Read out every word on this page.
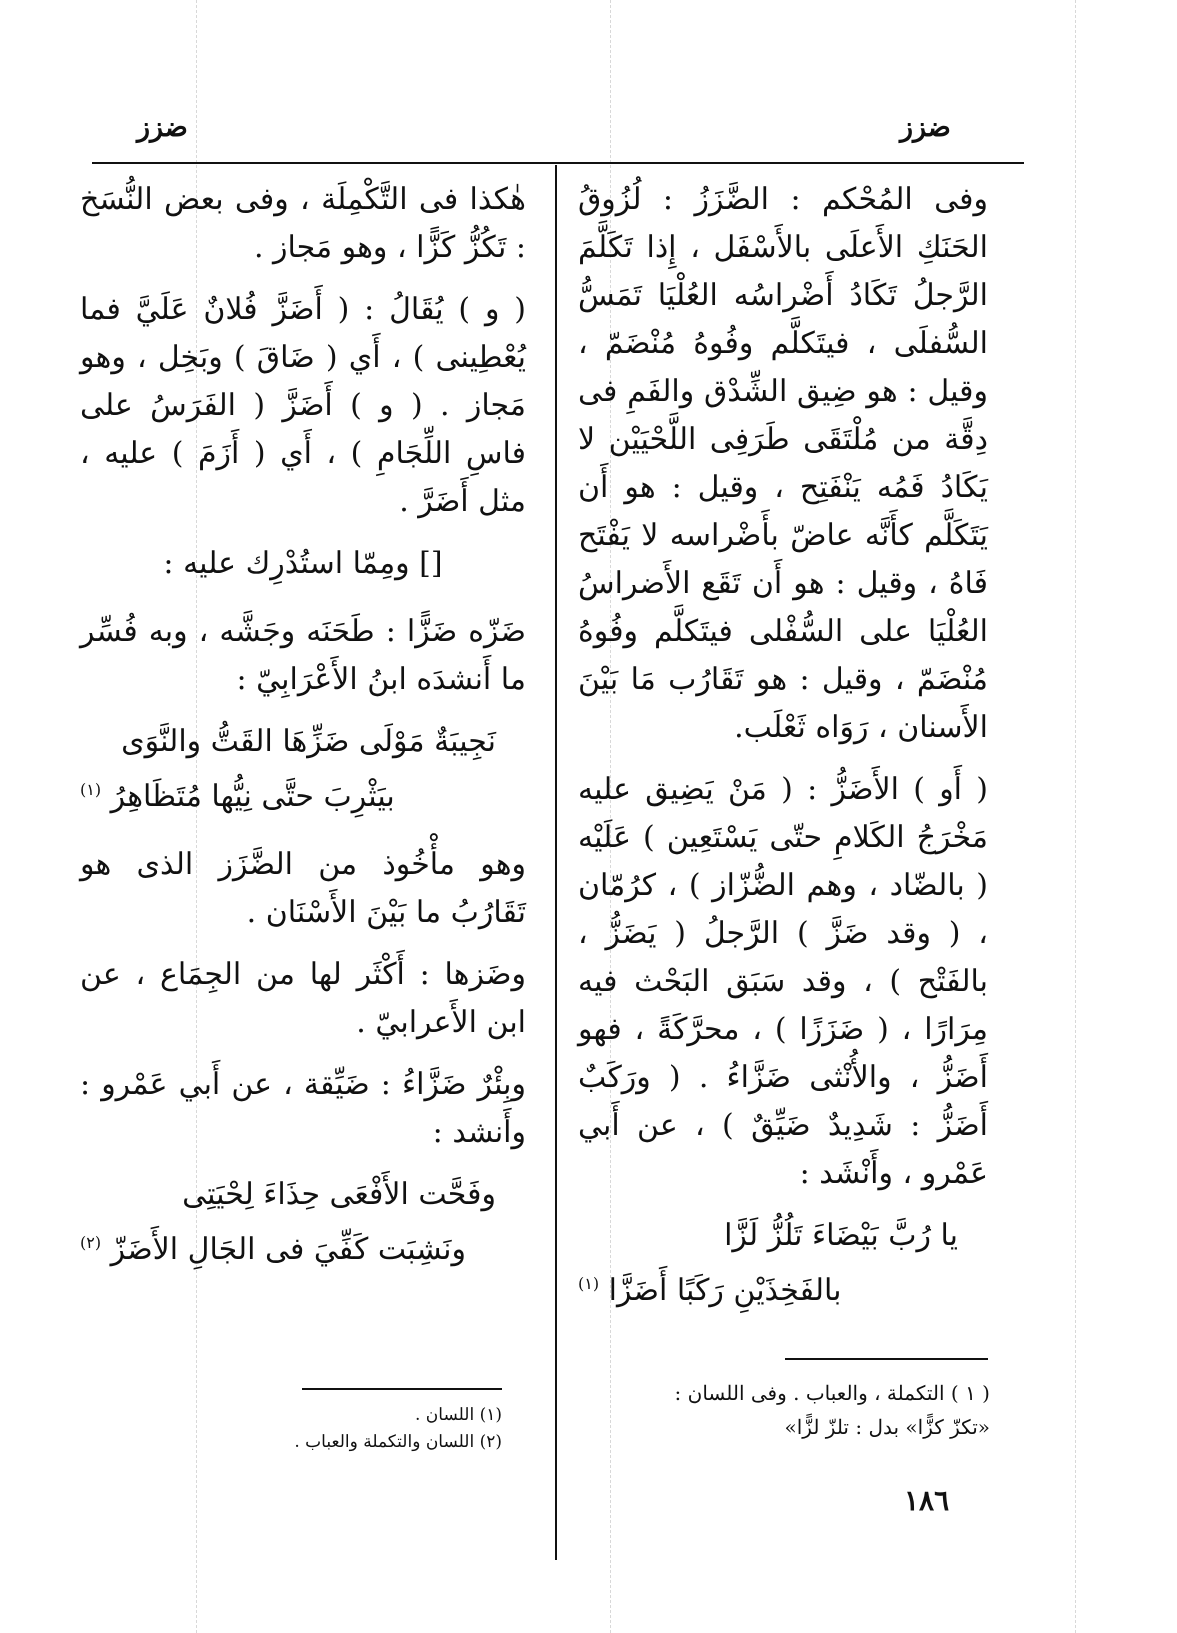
ضزز	ضزز

وفى المُحْكم : الضَّزَزُ : لُزُوقُ الحَنَكِ الأَعلَى بالأَسْفَل ، إِذا تَكَلَّمَ الرَّجلُ تَكَادُ أَضْراسُه العُلْيَا تَمَسُّ السُّفلَى ، فيتَكلَّم وفُوهُ مُنْضَمّ ، وقيل : هو ضِيق الشِّدْق والفَمِ فى دِقَّة من مُلْتَقَى طَرَفِى اللَّحْيَيْن لا يَكَادُ فَمُه يَنْفَتِح ، وقيل : هو أَن يَتَكَلَّم كأَنَّه عاضّ بأَضْراسه لا يَفْتَح فَاهُ ، وقيل : هو أَن تَقَع الأَضراسُ العُلْيَا على السُّفْلى فيتَكلَّم وفُوهُ مُنْضَمّ ، وقيل : هو تَقَارُب مَا بَيْنَ الأَسنان ، رَوَاه ثَعْلَب.

( أَو ) الأَضَزُّ : ( مَنْ يَضِيق عليه مَخْرَجُ الكَلامِ حتّى يَسْتَعِين ) عَلَيْه ( بالضّاد ، وهم الضُّزّاز ) ، كرُمّان ، ( وقد ضَزَّ ) الرَّجلُ ( يَضَزُّ ، بالفَتْح ) ، وقد سَبَق البَحْث فيه مِرَارًا ، ( ضَزَزًا ) ، محرَّكَةً ، فهو أَضَزُّ ، والأُنْثى ضَزَّاءُ . ( ورَكَبٌ أَضَزُّ : شَدِيدٌ ضَيِّقٌ ) ، عن أَبي عَمْرو ، وأَنْشَد :

يا رُبَّ بَيْضَاءَ تَلُزُّ لَزَّا
بالفَخِذَيْنِ رَكَبًا أَضَزَّا $^{(١)}$
( ١ ) التكملة ، والعباب . وفى اللسان :
«تكزّ كزًّا» بدل : تلزّ لزًّا»

هٰكذا فى التَّكْمِلَة ، وفى بعض النُّسَخ : تَكُزُّ كَزًّا ، وهو مَجاز .

( و ) يُقَالُ : ( أَضَزَّ فُلانٌ عَلَيَّ فما يُعْطِينى ) ، أَي ( ضَاقَ ) وبَخِل ، وهو مَجاز . ( و ) أَضَزَّ ( الفَرَسُ على فاسِ اللِّجَامِ ) ، أَي ( أَزَمَ ) عليه ، مثل أَضَرَّ .

[] ومِمّا استُدْرِك عليه :

ضَزّه ضَزًّا : طَحَنَه وجَشَّه ، وبه فُسِّر ما أَنشدَه ابنُ الأَعْرَابِيّ :

نَجِيبَةٌ مَوْلَى ضَزِّهَا القَتُّ والنَّوَى
بيَثْرِبَ حتَّى نِيُّها مُتَظَاهِرُ $^{(١)}$

وهو مأْخُوذ من الضَّزَز الذى هو تَقَارُبُ ما بَيْنَ الأَسْنَان .

وضَزها : أَكْثَر لها من الجِمَاع ، عن ابن الأَعرابيّ .

وبِئْرٌ ضَزَّاءُ : ضَيِّقة ، عن أَبي عَمْرو : وأَنشد :

وفَحَّت الأَفْعَى حِذَاءَ لِحْيَتِى
ونَشِبَت كَفِّيَ فى الجَالِ الأَضَزّ $^{(٢)}$
(١) اللسان .
(٢) اللسان والتكملة والعباب .
١٨٦
